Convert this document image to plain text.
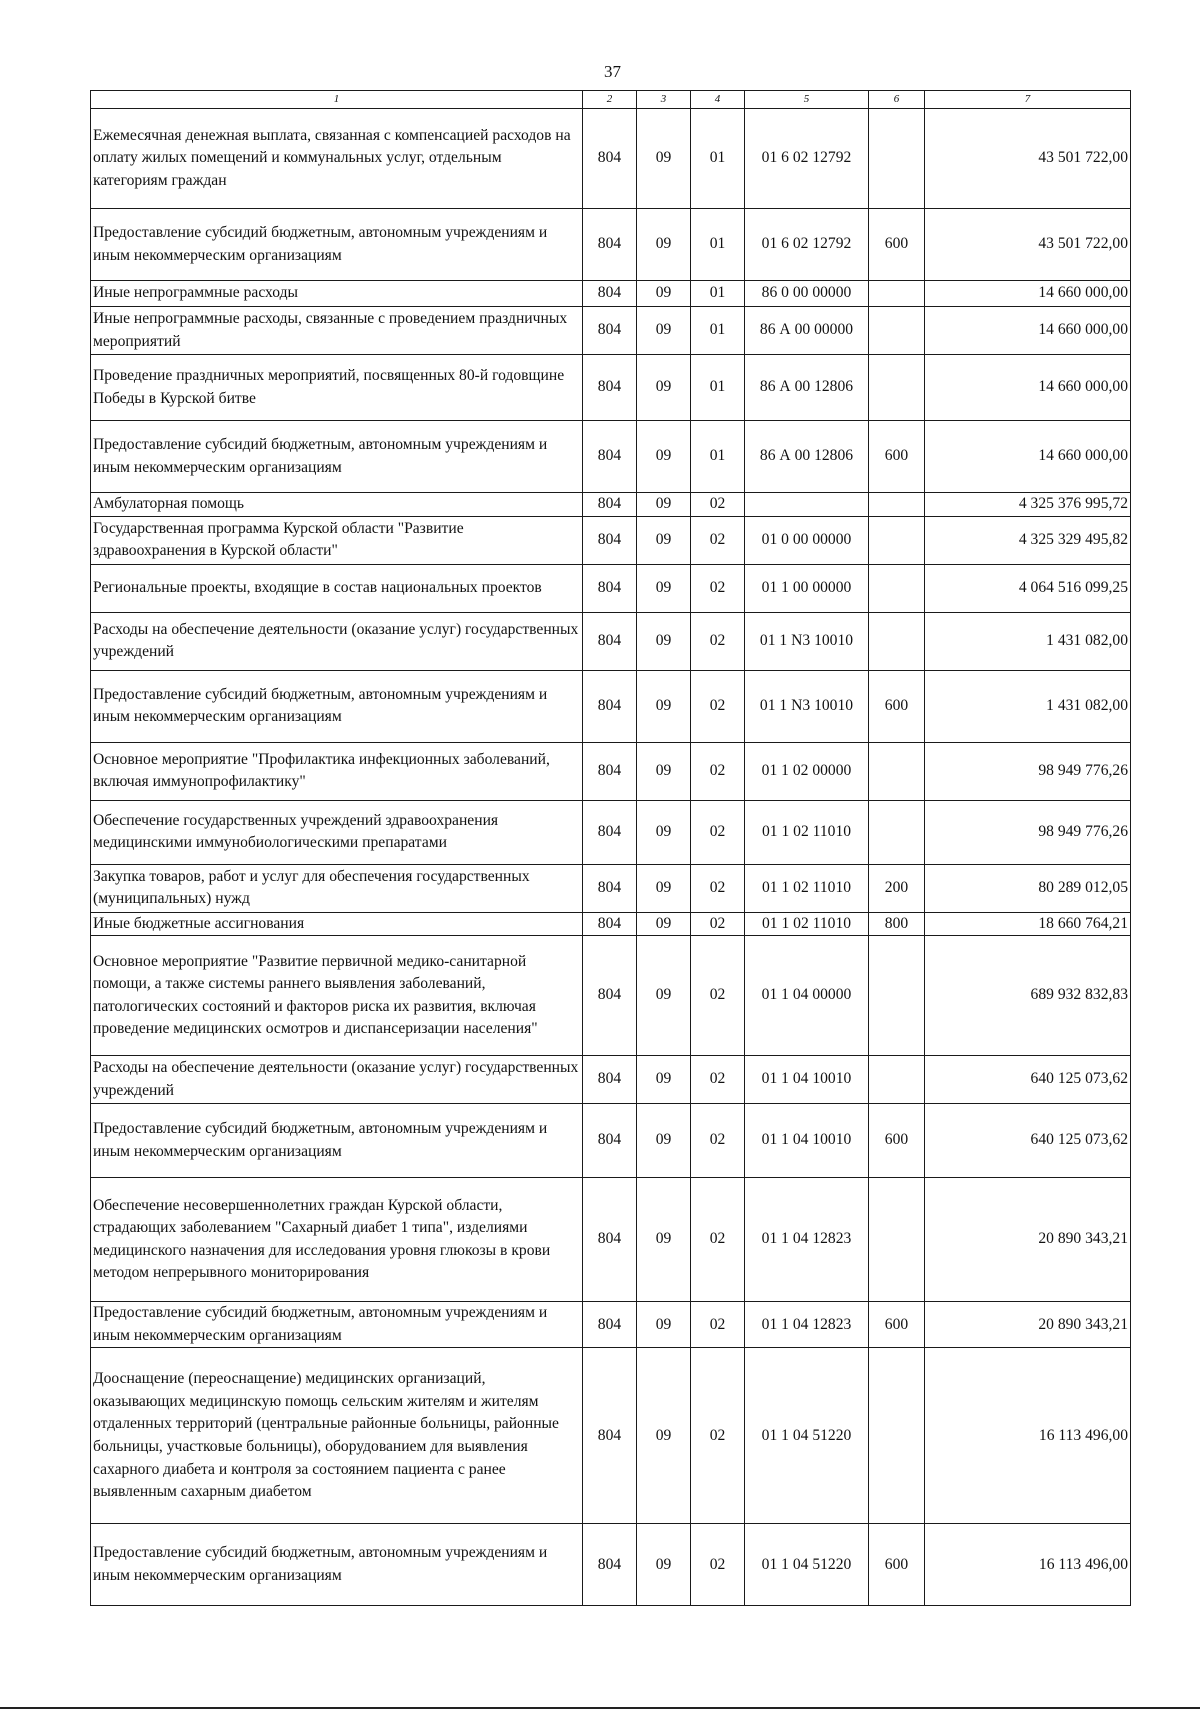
37
1	2	3	4	5	6	7
Ежемесячная денежная выплата, связанная с компенсацией расходов на оплату жилых помещений и коммунальных услуг, отдельным категориям граждан	804	09	01	01 6 02 12792		43 501 722,00
Предоставление субсидий бюджетным, автономным учреждениям и иным некоммерческим организациям	804	09	01	01 6 02 12792	600	43 501 722,00
Иные непрограммные расходы	804	09	01	86 0 00 00000		14 660 000,00
Иные непрограммные расходы, связанные с проведением праздничных мероприятий	804	09	01	86 А 00 00000		14 660 000,00
Проведение праздничных мероприятий, посвященных 80-й годовщине Победы в Курской битве	804	09	01	86 А 00 12806		14 660 000,00
Предоставление субсидий бюджетным, автономным учреждениям и иным некоммерческим организациям	804	09	01	86 А 00 12806	600	14 660 000,00
Амбулаторная помощь	804	09	02			4 325 376 995,72
Государственная программа Курской области "Развитие здравоохранения в Курской области"	804	09	02	01 0 00 00000		4 325 329 495,82
Региональные проекты, входящие в состав национальных проектов	804	09	02	01 1 00 00000		4 064 516 099,25
Расходы на обеспечение деятельности (оказание услуг) государственных учреждений	804	09	02	01 1 N3 10010		1 431 082,00
Предоставление субсидий бюджетным, автономным учреждениям и иным некоммерческим организациям	804	09	02	01 1 N3 10010	600	1 431 082,00
Основное мероприятие "Профилактика инфекционных заболеваний, включая иммунопрофилактику"	804	09	02	01 1 02 00000		98 949 776,26
Обеспечение государственных учреждений здравоохранения медицинскими иммунобиологическими препаратами	804	09	02	01 1 02 11010		98 949 776,26
Закупка товаров, работ и услуг для обеспечения государственных (муниципальных) нужд	804	09	02	01 1 02 11010	200	80 289 012,05
Иные бюджетные ассигнования	804	09	02	01 1 02 11010	800	18 660 764,21
Основное мероприятие "Развитие первичной медико-санитарной помощи, а также системы раннего выявления заболеваний, патологических состояний и факторов риска их развития, включая проведение медицинских осмотров и диспансеризации населения"	804	09	02	01 1 04 00000		689 932 832,83
Расходы на обеспечение деятельности (оказание услуг) государственных учреждений	804	09	02	01 1 04 10010		640 125 073,62
Предоставление субсидий бюджетным, автономным учреждениям и иным некоммерческим организациям	804	09	02	01 1 04 10010	600	640 125 073,62
Обеспечение несовершеннолетних граждан Курской области, страдающих заболеванием "Сахарный диабет 1 типа", изделиями медицинского назначения для исследования уровня глюкозы в крови методом непрерывного мониторирования	804	09	02	01 1 04 12823		20 890 343,21
Предоставление субсидий бюджетным, автономным учреждениям и иным некоммерческим организациям	804	09	02	01 1 04 12823	600	20 890 343,21
Дооснащение (переоснащение) медицинских организаций, оказывающих медицинскую помощь сельским жителям и жителям отдаленных территорий (центральные районные больницы, районные больницы, участковые больницы), оборудованием для выявления сахарного диабета и контроля за состоянием пациента с ранее выявленным сахарным диабетом	804	09	02	01 1 04 51220		16 113 496,00
Предоставление субсидий бюджетным, автономным учреждениям и иным некоммерческим организациям	804	09	02	01 1 04 51220	600	16 113 496,00
